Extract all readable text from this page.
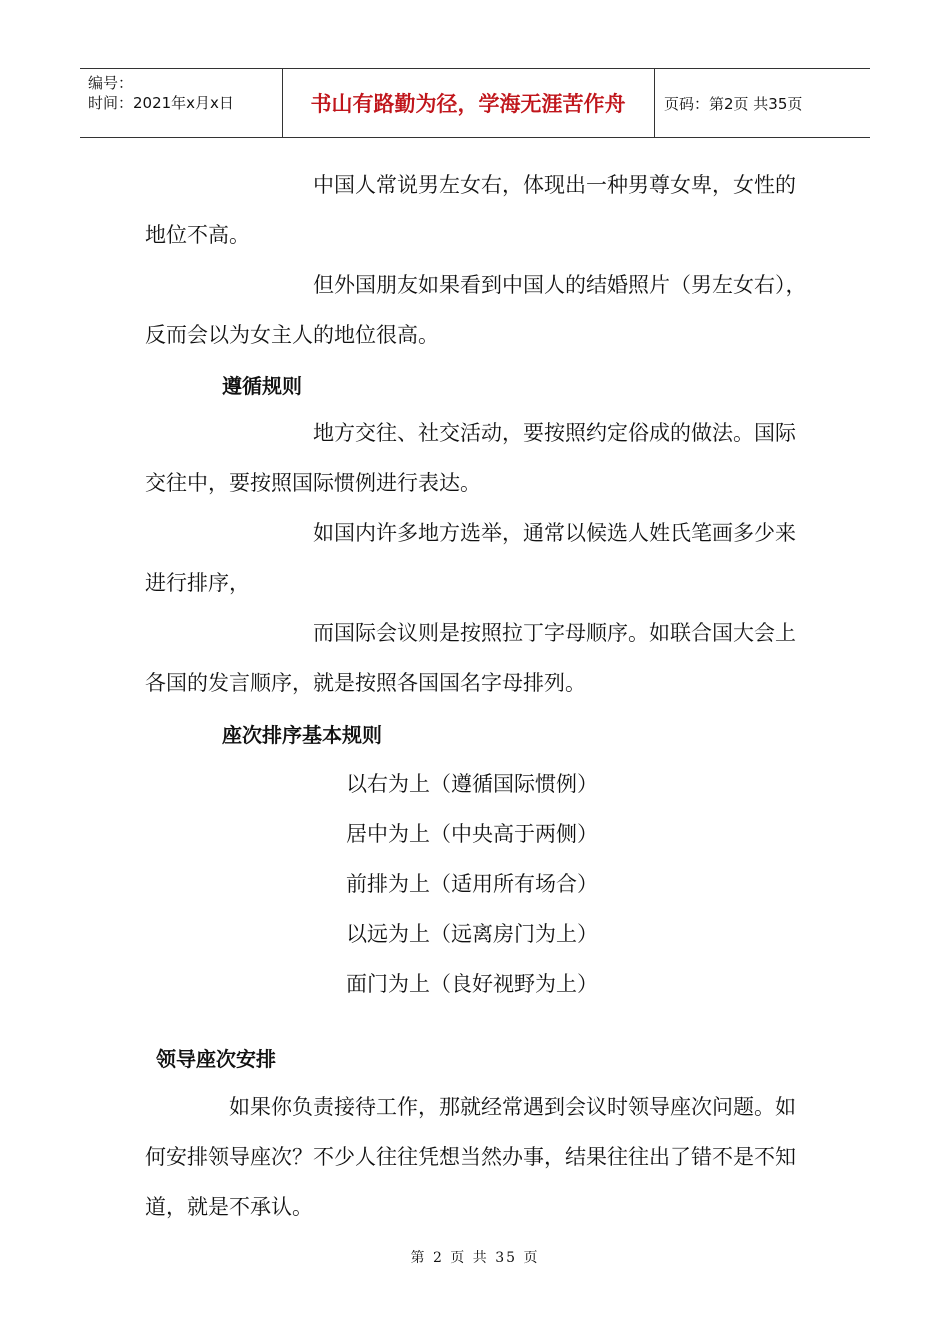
编号：
时间：2021年x月x日	书山有路勤为径，学海无涯苦作舟	页码：第2页 共35页

中国人常说男左女右，体现出一种男尊女卑，女性的地位不高。

但外国朋友如果看到中国人的结婚照片（男左女右），反而会以为女主人的地位很高。

遵循规则

地方交往、社交活动，要按照约定俗成的做法。国际交往中，要按照国际惯例进行表达。

如国内许多地方选举，通常以候选人姓氏笔画多少来进行排序，

而国际会议则是按照拉丁字母顺序。如联合国大会上各国的发言顺序，就是按照各国国名字母排列。

座次排序基本规则
以右为上（遵循国际惯例）
居中为上（中央高于两侧）
前排为上（适用所有场合）
以远为上（远离房门为上）
面门为上（良好视野为上）
领导座次安排

如果你负责接待工作，那就经常遇到会议时领导座次问题。如何安排领导座次？不少人往往凭想当然办事，结果往往出了错不是不知道，就是不承认。

第 2 页 共 35 页
